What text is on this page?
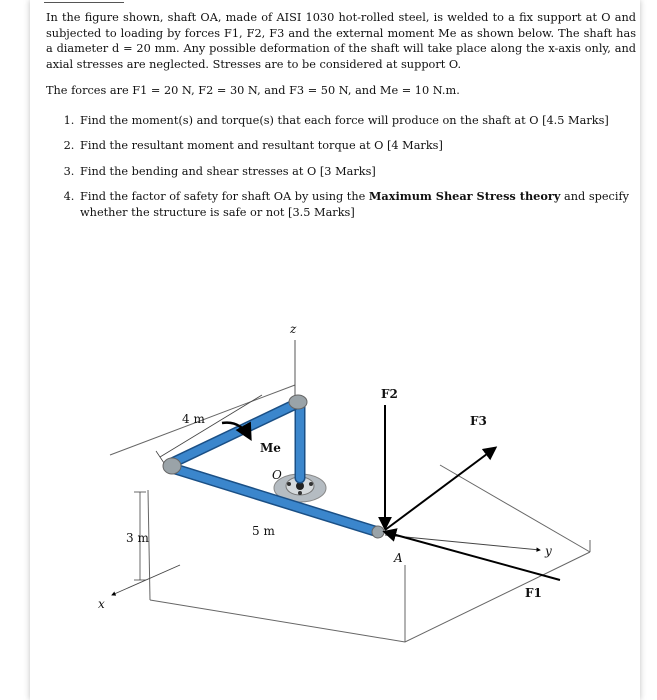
In the figure shown, shaft OA, made of AISI 1030 hot-rolled steel, is welded to a fix support at O and subjected to loading by forces F1, F2, F3 and the external moment Me as shown below. The shaft has a diameter d = 20 mm. Any possible deformation of the shaft will take place along the x-axis only, and axial stresses are neglected. Stresses are to be considered at support O.

The forces are F1 = 20 N, F2 = 30 N, and F3 = 50 N, and Me = 10 N.m.

1. Find the moment(s) and torque(s) that each force will produce on the shaft at O [4.5 Marks]
2. Find the resultant moment and resultant torque at O [4 Marks]
3. Find the bending and shear stresses at O [3 Marks]
4. Find the factor of safety for shaft OA by using the Maximum Shear Stress theory and specify whether the structure is safe or not [3.5 Marks]
x
z
y
4 m
3 m
Me
O
5 m
A
F2
F3
F1
